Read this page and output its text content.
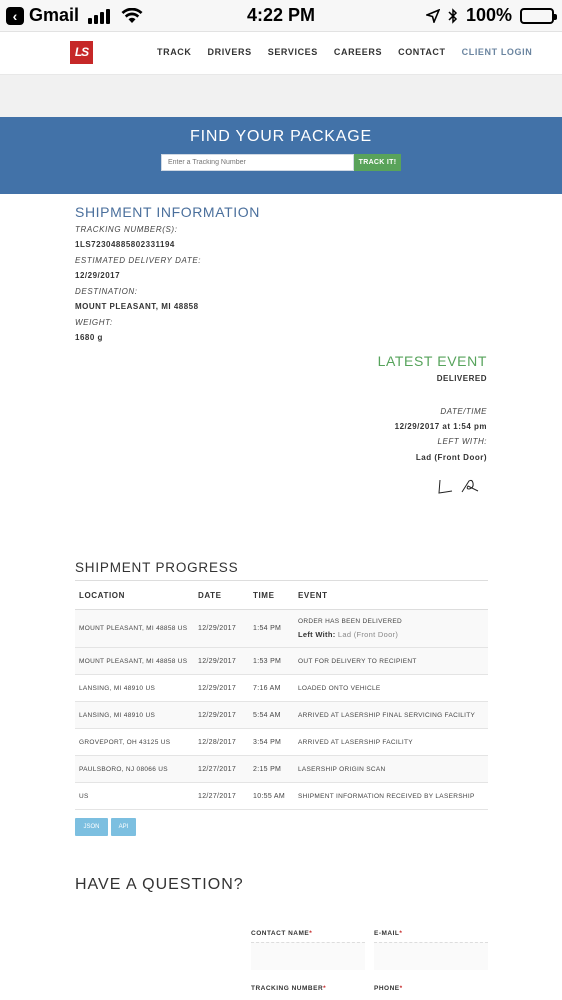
‹ Gmail	4:22 PM	100%
LS	TRACK DRIVERS SERVICES CAREERS CONTACT CLIENT LOGIN
FIND YOUR PACKAGE
Enter a Tracking Number
TRACK IT!
SHIPMENT INFORMATION
TRACKING NUMBER(S):
1LS72304885802331194
ESTIMATED DELIVERY DATE:
12/29/2017
DESTINATION:
MOUNT PLEASANT, MI 48858
WEIGHT:
1680 g
LATEST EVENT
DELIVERED
DATE/TIME
12/29/2017 at 1:54 pm
LEFT WITH:
Lad (Front Door)
SHIPMENT PROGRESS
LOCATION	DATE	TIME	EVENT
MOUNT PLEASANT, MI 48858 US	12/29/2017	1:54 PM	ORDER HAS BEEN DELIVERED
Left With: Lad (Front Door)

MOUNT PLEASANT, MI 48858 US	12/29/2017	1:53 PM	OUT FOR DELIVERY TO RECIPIENT
LANSING, MI 48910 US	12/29/2017	7:16 AM	LOADED ONTO VEHICLE
LANSING, MI 48910 US	12/29/2017	5:54 AM	ARRIVED AT LASERSHIP FINAL SERVICING FACILITY
GROVEPORT, OH 43125 US	12/28/2017	3:54 PM	ARRIVED AT LASERSHIP FACILITY
PAULSBORO, NJ 08066 US	12/27/2017	2:15 PM	LASERSHIP ORIGIN SCAN
US	12/27/2017	10:55 AM	SHIPMENT INFORMATION RECEIVED BY LASERSHIP
JSON	API
HAVE A QUESTION?
CONTACT NAME*	E-MAIL*
TRACKING NUMBER*	PHONE*
